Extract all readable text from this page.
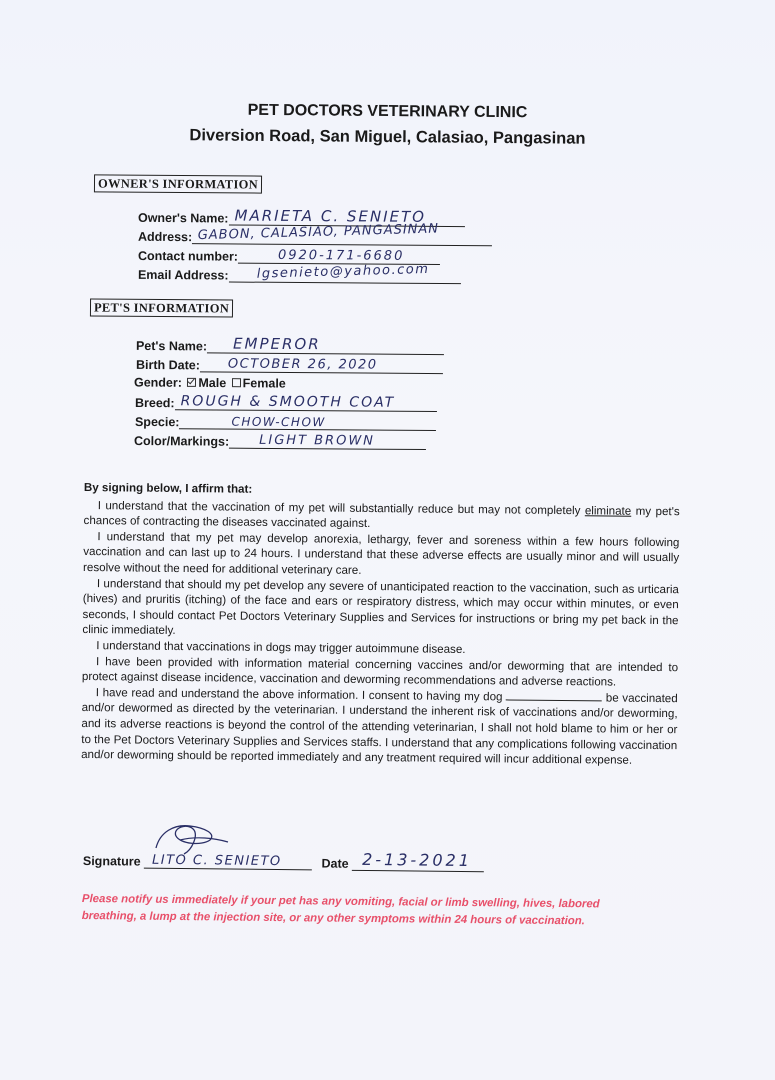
PET DOCTORS VETERINARY CLINIC
Diversion Road, San Miguel, Calasiao, Pangasinan
OWNER'S INFORMATION
Owner's Name: MARIETA C. SENIETO
Address: GABON, CALASIAO, PANGASINAN
Contact number:	0920-171-6680
Email Address: lgsenieto@yahoo.com
PET'S INFORMATION
Pet's Name: EMPEROR
Birth Date: OCTOBER 26, 2020
Gender: Male Female
Breed: ROUGH & SMOOTH COAT
Specie:	CHOW-CHOW
Color/Markings: LIGHT BROWN
By signing below, I affirm that:

I understand that the vaccination of my pet will substantially reduce but may not completely eliminate my pet's chances of contracting the diseases vaccinated against.

I understand that my pet may develop anorexia, lethargy, fever and soreness within a few hours following vaccination and can last up to 24 hours. I understand that these adverse effects are usually minor and will usually resolve without the need for additional veterinary care.

I understand that should my pet develop any severe of unanticipated reaction to the vaccination, such as urticaria (hives) and pruritis (itching) of the face and ears or respiratory distress, which may occur within minutes, or even seconds, I should contact Pet Doctors Veterinary Supplies and Services for instructions or bring my pet back in the clinic immediately.

I understand that vaccinations in dogs may trigger autoimmune disease.

I have been provided with information material concerning vaccines and/or deworming that are intended to protect against disease incidence, vaccination and deworming recommendations and adverse reactions.

I have read and understand the above information. I consent to having my dog	be vaccinated and/or dewormed as directed by the veterinarian. I understand the inherent risk of vaccinations and/or deworming, and its adverse reactions is beyond the control of the attending veterinarian, I shall not hold blame to him or her or to the Pet Doctors Veterinary Supplies and Services staffs. I understand that any complications following vaccination and/or deworming should be reported immediately and any treatment required will incur additional expense.

Signature LITO C. SENIETO	Date 2-13-2021
Please notify us immediately if your pet has any vomiting, facial or limb swelling, hives, labored breathing, a lump at the injection site, or any other symptoms within 24 hours of vaccination.
